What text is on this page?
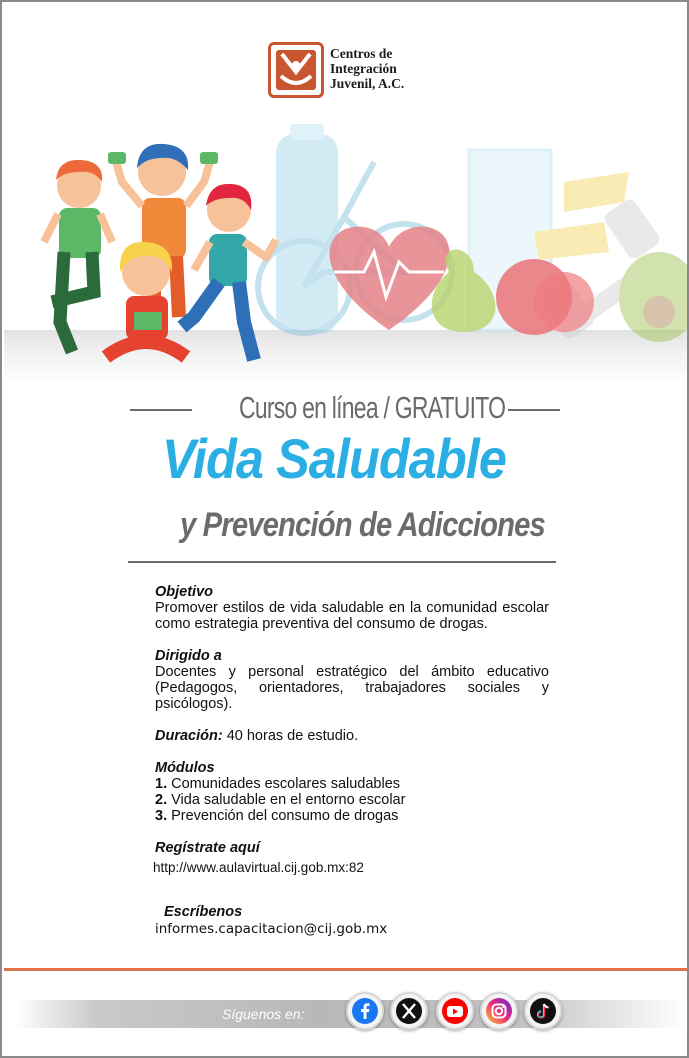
Centros de
Integración
Juvenil, A.C.
Curso en línea / GRATUITO
Vida Saludable
y Prevención de Adicciones
Objetivo
Promover estilos de vida saludable en la comunidad escolar como estrategia preventiva del consumo de drogas.
Dirigido a
Docentes y personal estratégico del ámbito educativo (Pedagogos, orientadores, trabajadores sociales y psicólogos).
Duración: 40 horas de estudio.
Módulos
1. Comunidades escolares saludables
2. Vida saludable en el entorno escolar
3. Prevención del consumo de drogas
Regístrate aquí
http://www.aulavirtual.cij.gob.mx:82
Escríbenos
informes.capacitacion@cij.gob.mx
Síguenos en:
